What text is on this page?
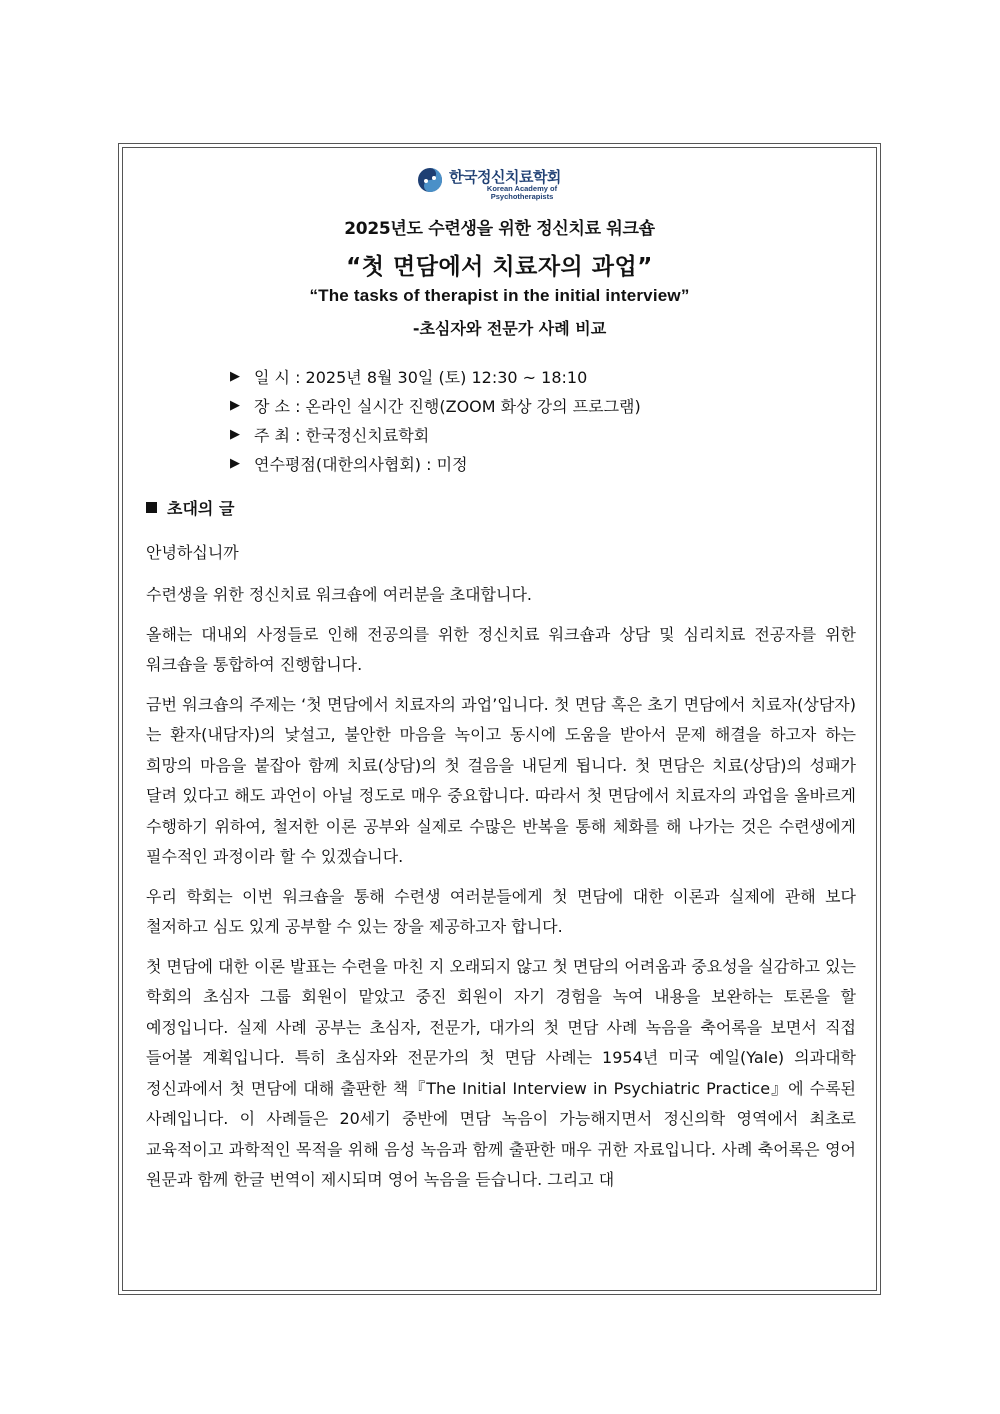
한국정신치료학회
Korean Academy of
Psychotherapists
2025년도 수련생을 위한 정신치료 워크숍
“첫 면담에서 치료자의 과업”
“The tasks of therapist in the initial interview”
-초심자와 전문가 사례 비교
▶ 일 시 : 2025년 8월 30일 (토) 12:30 ~ 18:10
▶ 장 소 : 온라인 실시간 진행(ZOOM 화상 강의 프로그램)
▶ 주 최 : 한국정신치료학회
▶ 연수평점(대한의사협회) : 미정
초대의 글
안녕하십니까

수련생을 위한 정신치료 워크숍에 여러분을 초대합니다.

올해는 대내외 사정들로 인해 전공의를 위한 정신치료 워크숍과 상담 및 심리치료 전공자를 위한 워크숍을 통합하여 진행합니다.

금번 워크숍의 주제는 ‘첫 면담에서 치료자의 과업’입니다. 첫 면담 혹은 초기 면담에서 치료자(상담자)는 환자(내담자)의 낯설고, 불안한 마음을 녹이고 동시에 도움을 받아서 문제 해결을 하고자 하는 희망의 마음을 붙잡아 함께 치료(상담)의 첫 걸음을 내딛게 됩니다. 첫 면담은 치료(상담)의 성패가 달려 있다고 해도 과언이 아닐 정도로 매우 중요합니다. 따라서 첫 면담에서 치료자의 과업을 올바르게 수행하기 위하여, 철저한 이론 공부와 실제로 수많은 반복을 통해 체화를 해 나가는 것은 수련생에게 필수적인 과정이라 할 수 있겠습니다.

우리 학회는 이번 워크숍을 통해 수련생 여러분들에게 첫 면담에 대한 이론과 실제에 관해 보다 철저하고 심도 있게 공부할 수 있는 장을 제공하고자 합니다.

첫 면담에 대한 이론 발표는 수련을 마친 지 오래되지 않고 첫 면담의 어려움과 중요성을 실감하고 있는 학회의 초심자 그룹 회원이 맡았고 중진 회원이 자기 경험을 녹여 내용을 보완하는 토론을 할 예정입니다. 실제 사례 공부는 초심자, 전문가, 대가의 첫 면담 사례 녹음을 축어록을 보면서 직접 들어볼 계획입니다. 특히 초심자와 전문가의 첫 면담 사례는 1954년 미국 예일(Yale) 의과대학 정신과에서 첫 면담에 대해 출판한 책『The Initial Interview in Psychiatric Practice』에 수록된 사례입니다. 이 사례들은 20세기 중반에 면담 녹음이 가능해지면서 정신의학 영역에서 최초로 교육적이고 과학적인 목적을 위해 음성 녹음과 함께 출판한 매우 귀한 자료입니다. 사례 축어록은 영어 원문과 함께 한글 번역이 제시되며 영어 녹음을 듣습니다. 그리고 대
